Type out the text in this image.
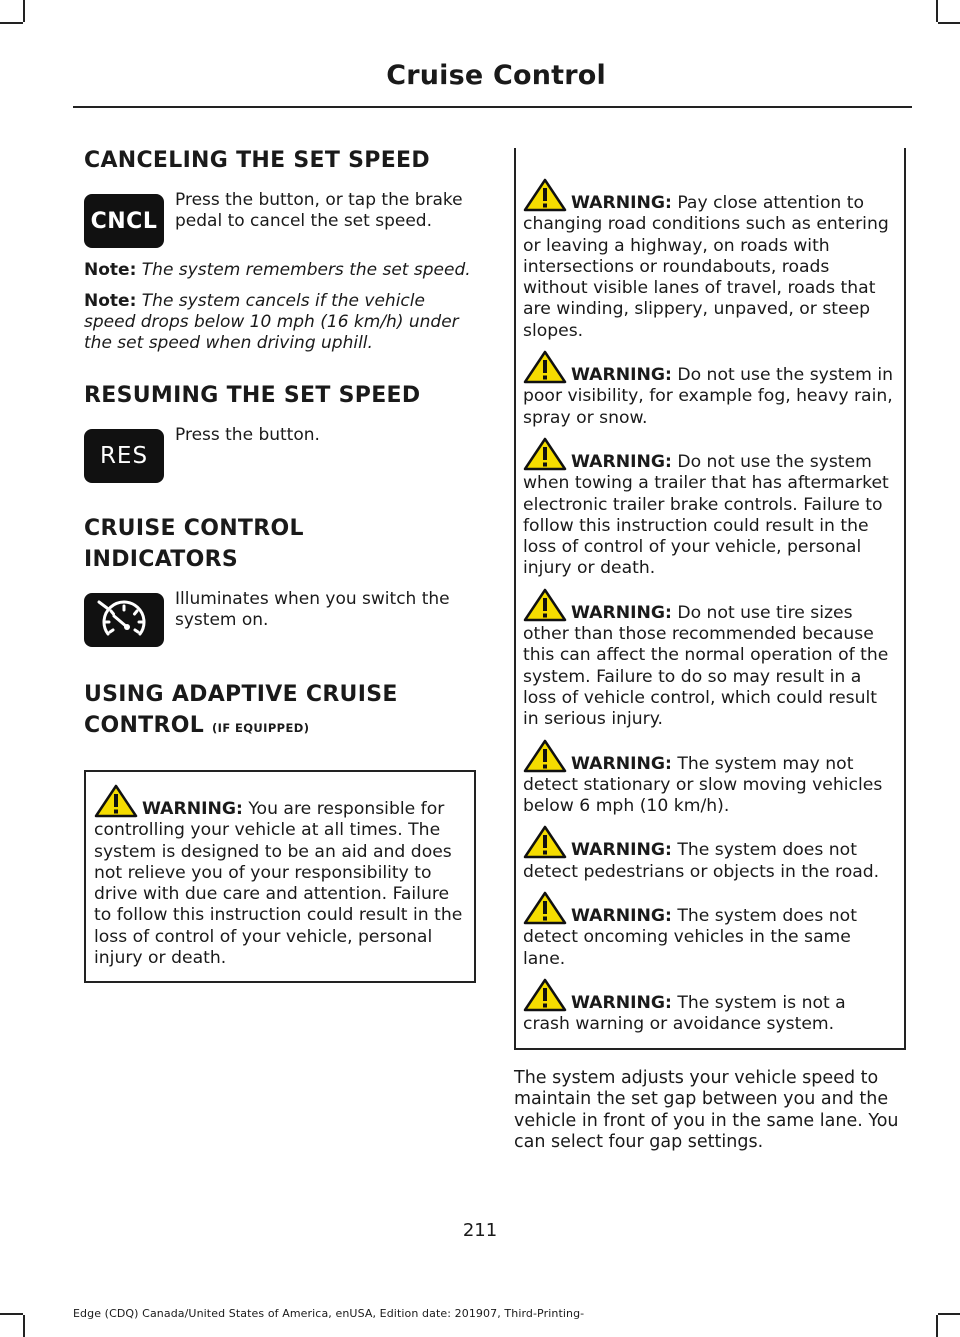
Cruise Control
CANCELING THE SET SPEED
CNCL
Press the button, or tap the brake pedal to cancel the set speed.
Note: The system remembers the set speed.
Note: The system cancels if the vehicle speed drops below 10 mph (16 km/h) under the set speed when driving uphill.
RESUMING THE SET SPEED
RES
Press the button.
CRUISE CONTROL
INDICATORS
Illuminates when you switch the system on.
USING ADAPTIVE CRUISE
CONTROL (IF EQUIPPED)
WARNING: You are responsible for controlling your vehicle at all times. The system is designed to be an aid and does not relieve you of your responsibility to drive with due care and attention. Failure to follow this instruction could result in the loss of control of your vehicle, personal injury or death.
WARNING: Pay close attention to changing road conditions such as entering or leaving a highway, on roads with intersections or roundabouts, roads without visible lanes of travel, roads that are winding, slippery, unpaved, or steep slopes.
WARNING: Do not use the system in poor visibility, for example fog, heavy rain, spray or snow.
WARNING: Do not use the system when towing a trailer that has aftermarket electronic trailer brake controls. Failure to follow this instruction could result in the loss of control of your vehicle, personal injury or death.
WARNING: Do not use tire sizes other than those recommended because this can affect the normal operation of the system. Failure to do so may result in a loss of vehicle control, which could result in serious injury.
WARNING: The system may not detect stationary or slow moving vehicles below 6 mph (10 km/h).
WARNING: The system does not detect pedestrians or objects in the road.
WARNING: The system does not detect oncoming vehicles in the same lane.
WARNING: The system is not a crash warning or avoidance system.

The system adjusts your vehicle speed to maintain the set gap between you and the vehicle in front of you in the same lane. You can select four gap settings.

211
Edge (CDQ) Canada/United States of America, enUSA, Edition date: 201907, Third-Printing-
